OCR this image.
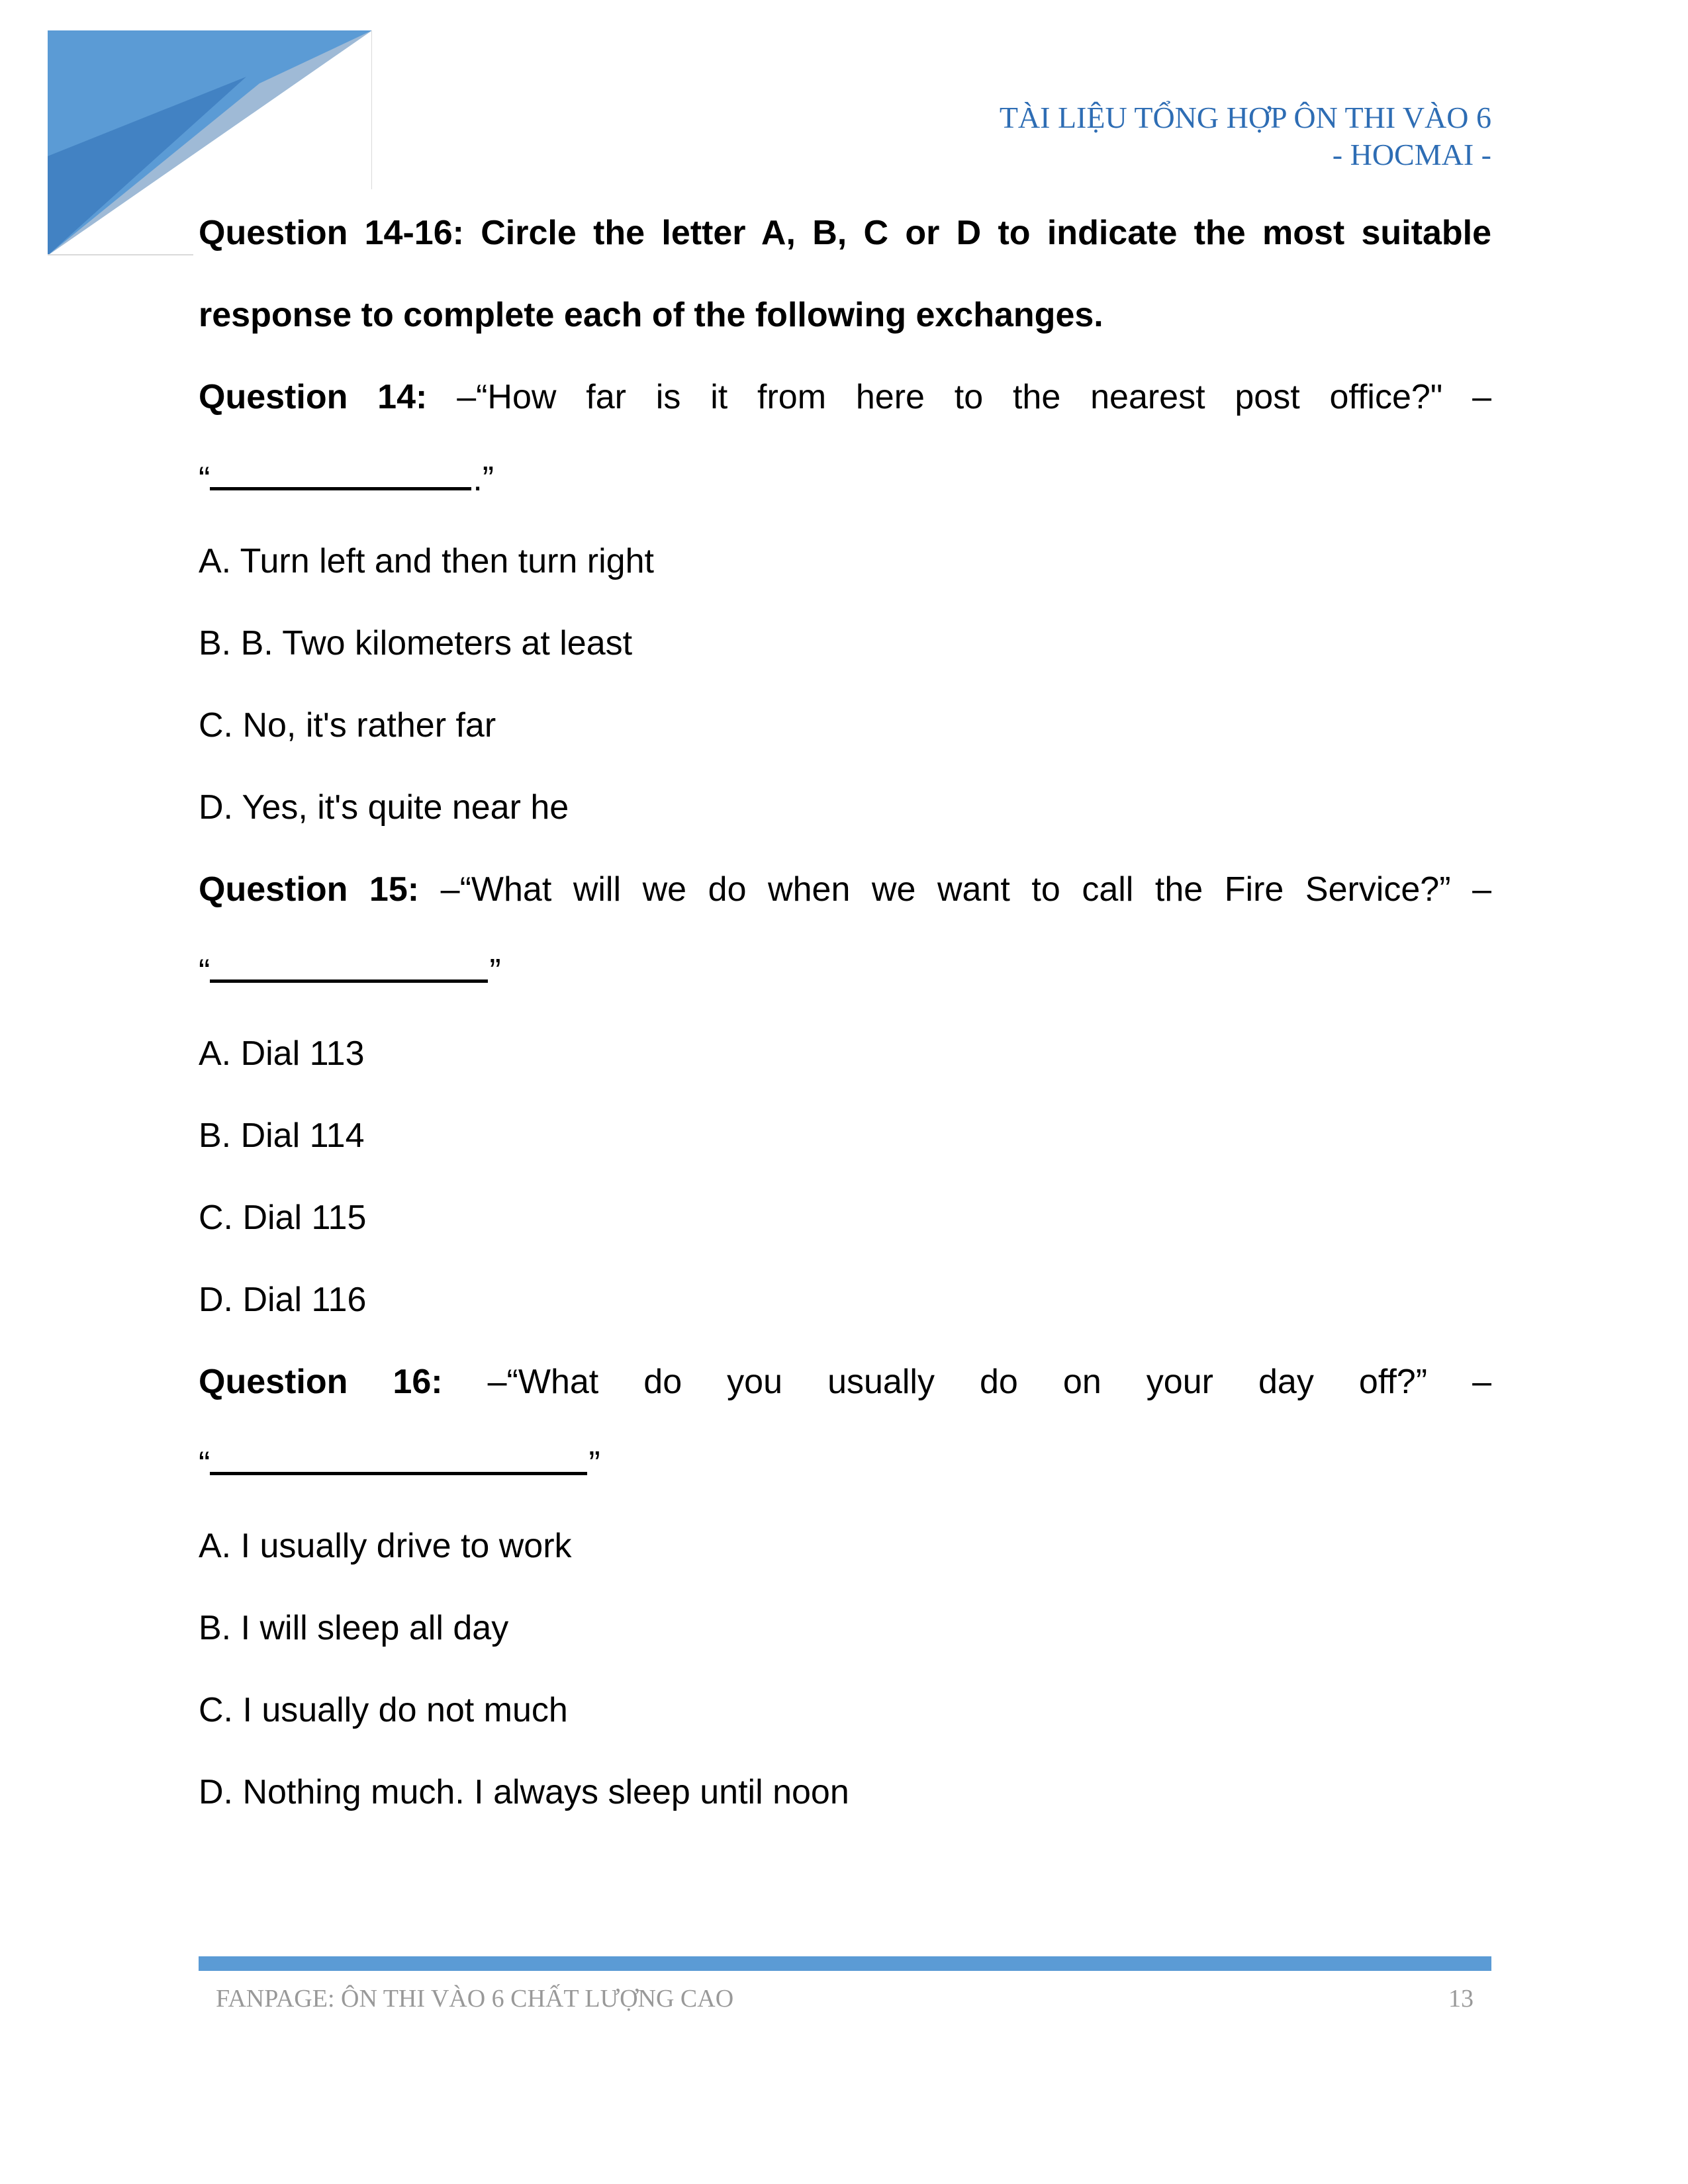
TÀI LIỆU TỔNG HỢP ÔN THI VÀO 6
- HOCMAI -
Question 14-16: Circle the letter A, B, C or D to indicate the most suitable
response to complete each of the following exchanges.
Question 14: –“How far is it from here to the nearest post office?" –
“	.”
A. Turn left and then turn right
B. B. Two kilometers at least
C. No, it's rather far
D. Yes, it's quite near he
Question 15: –“What will we do when we want to call the Fire Service?” –
“	”
A. Dial 113
B. Dial 114
C. Dial 115
D. Dial 116
Question 16: –“What do you usually do on your day off?” –
“	”
A. I usually drive to work
B. I will sleep all day
C. I usually do not much
D. Nothing much. I always sleep until noon
FANPAGE: ÔN THI VÀO 6 CHẤT LƯỢNG CAO	13
